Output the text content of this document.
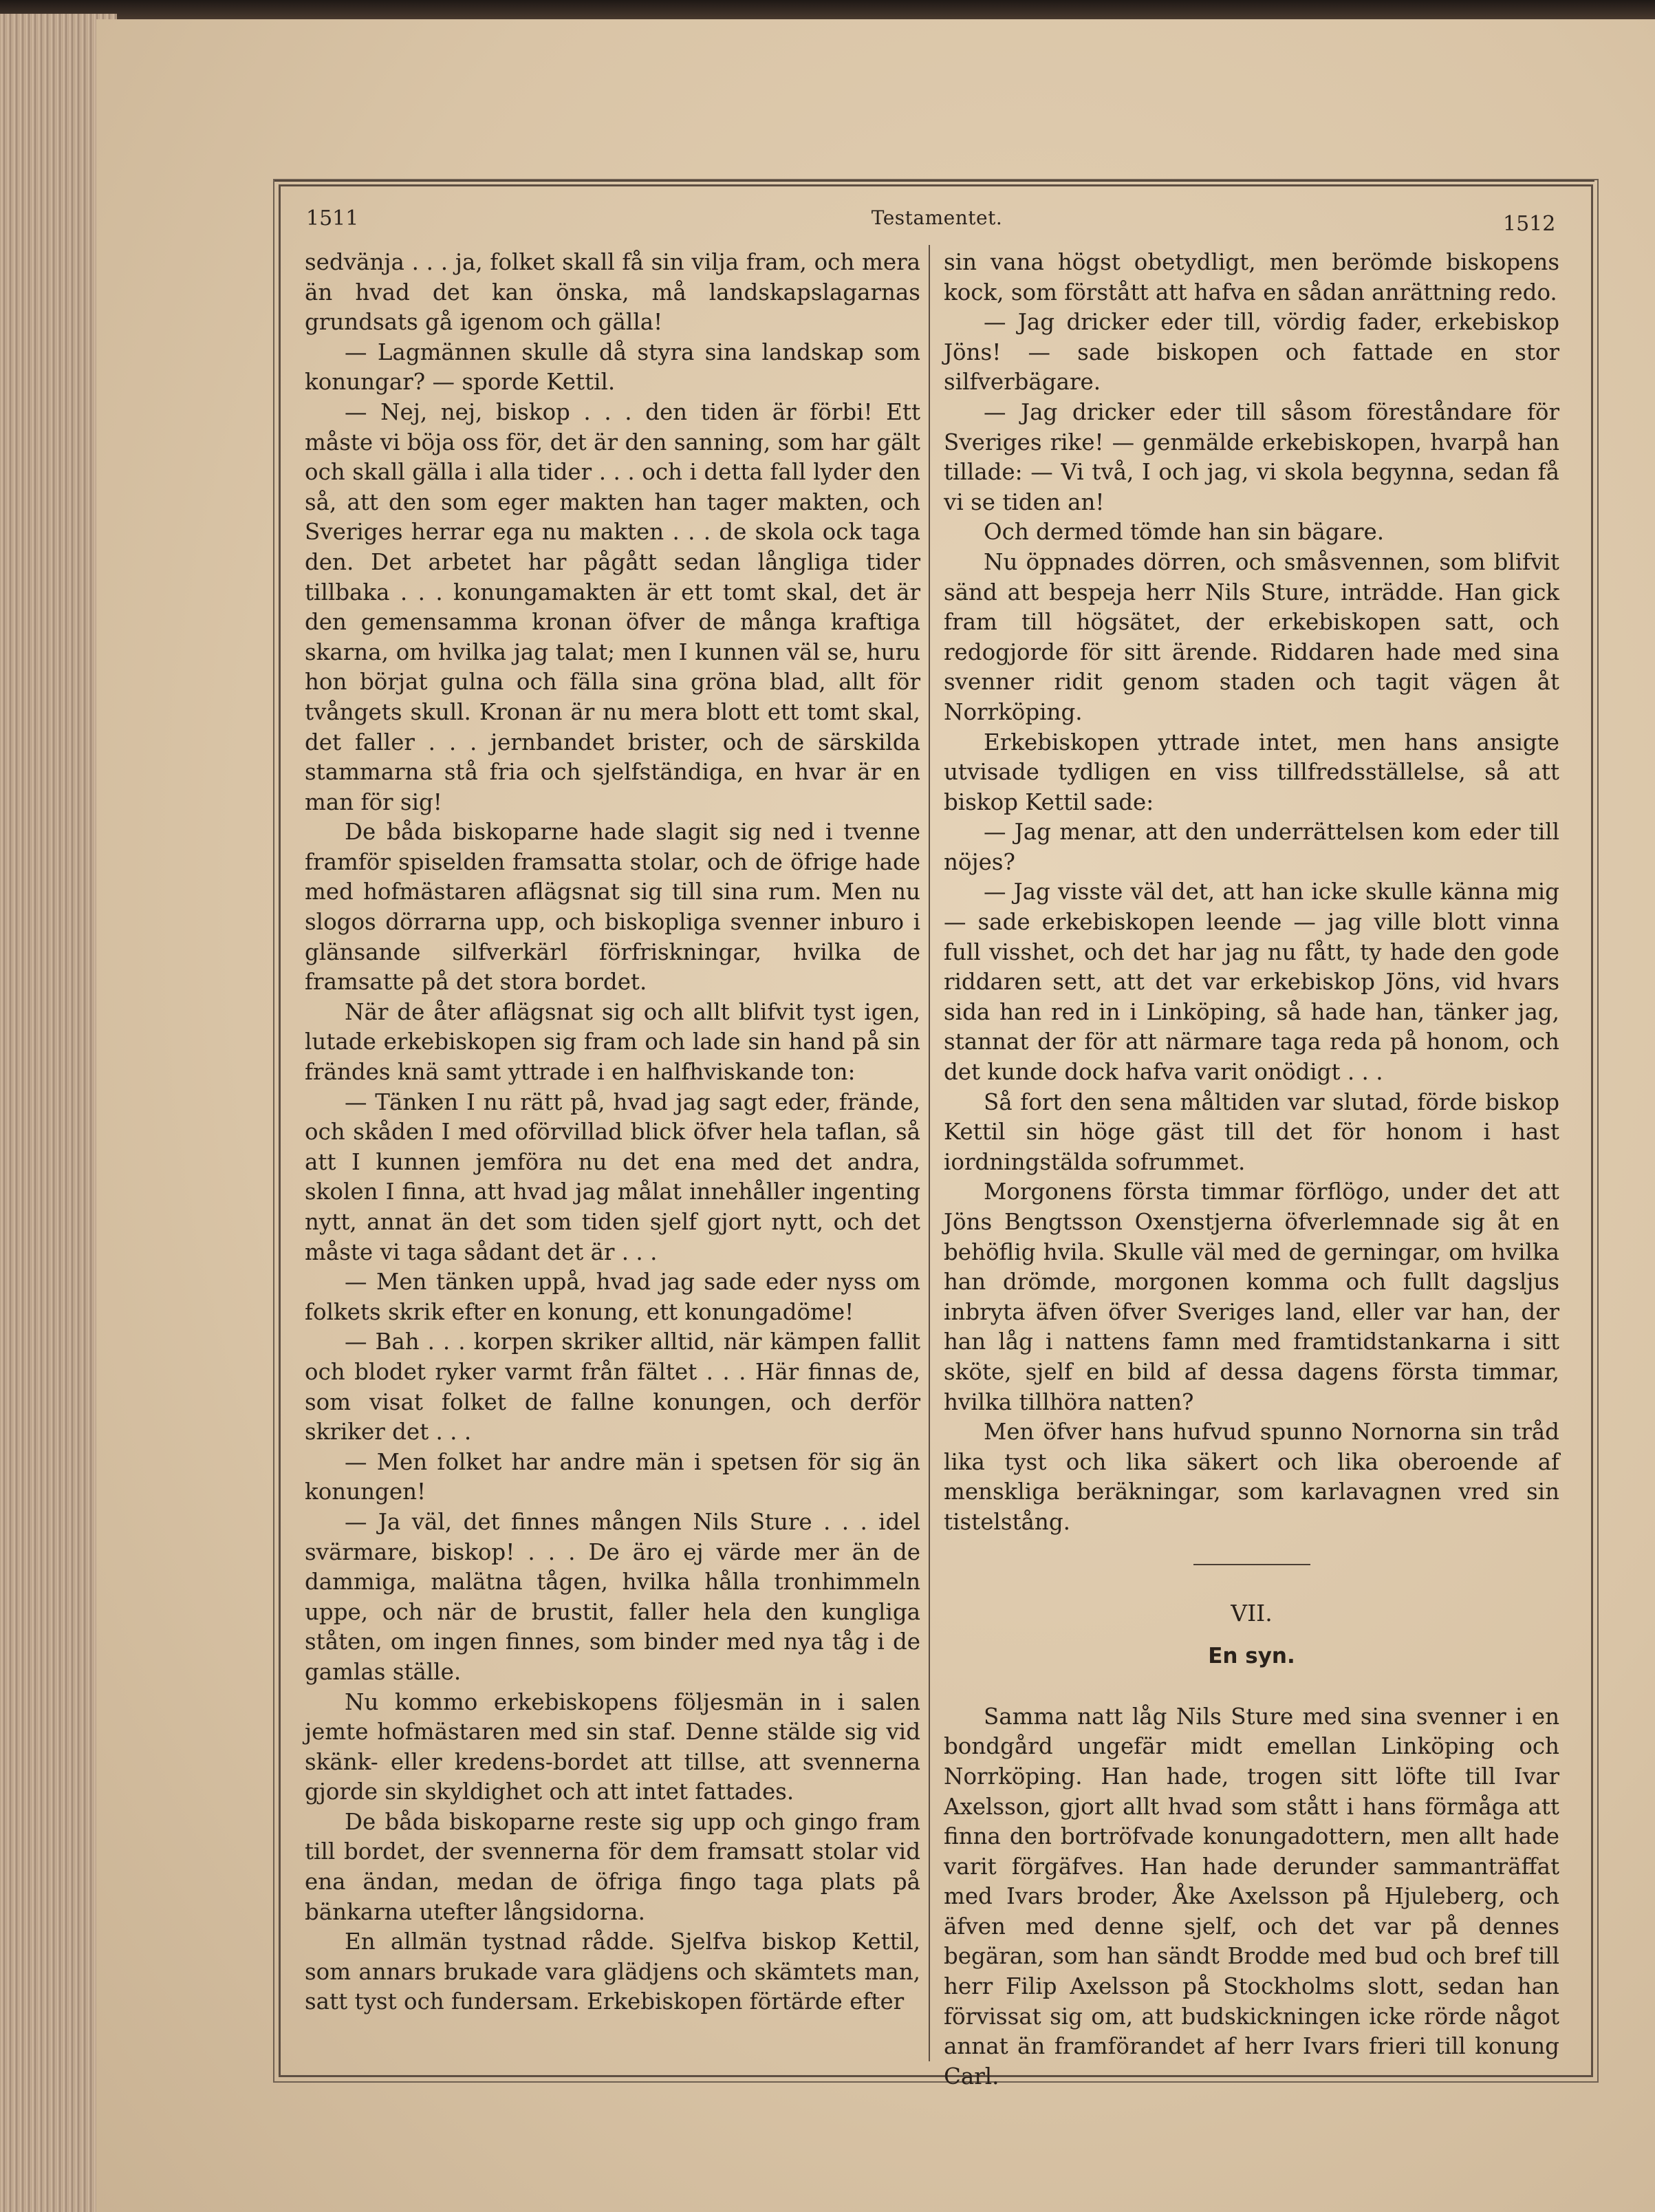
1511	Testamentet.	1512

sedvänja . . . ja, folket skall få sin vilja fram, och mera än hvad det kan önska, må landskapslagarnas grundsats gå igenom och gälla!

— Lagmännen skulle då styra sina landskap som konungar? — sporde Kettil.

— Nej, nej, biskop . . . den tiden är förbi! Ett måste vi böja oss för, det är den sanning, som har gält och skall gälla i alla tider . . . och i detta fall lyder den så, att den som eger makten han tager makten, och Sveriges herrar ega nu makten . . . de skola ock taga den. Det arbetet har pågått sedan långliga tider tillbaka . . . konungamakten är ett tomt skal, det är den gemensamma kronan öfver de många kraftiga skarna, om hvilka jag talat; men I kunnen väl se, huru hon börjat gulna och fälla sina gröna blad, allt för tvångets skull. Kronan är nu mera blott ett tomt skal, det faller . . . jernbandet brister, och de särskilda stammarna stå fria och sjelfständiga, en hvar är en man för sig!

De båda biskoparne hade slagit sig ned i tvenne framför spiselden framsatta stolar, och de öfrige hade med hofmästaren aflägsnat sig till sina rum. Men nu slogos dörrarna upp, och biskopliga svenner inburo i glänsande silfverkärl förfriskningar, hvilka de framsatte på det stora bordet.

När de åter aflägsnat sig och allt blifvit tyst igen, lutade erkebiskopen sig fram och lade sin hand på sin frändes knä samt yttrade i en halfhviskande ton:

— Tänken I nu rätt på, hvad jag sagt eder, frände, och skåden I med oförvillad blick öfver hela taflan, så att I kunnen jemföra nu det ena med det andra, skolen I finna, att hvad jag målat innehåller ingenting nytt, annat än det som tiden sjelf gjort nytt, och det måste vi taga sådant det är . . .

— Men tänken uppå, hvad jag sade eder nyss om folkets skrik efter en konung, ett konungadöme!

— Bah . . . korpen skriker alltid, när kämpen fallit och blodet ryker varmt från fältet . . . Här finnas de, som visat folket de fallne konungen, och derför skriker det . . .

— Men folket har andre män i spetsen för sig än konungen!

— Ja väl, det finnes mången Nils Sture . . . idel svärmare, biskop! . . . De äro ej värde mer än de dammiga, malätna tågen, hvilka hålla tronhimmeln uppe, och när de brustit, faller hela den kungliga ståten, om ingen finnes, som binder med nya tåg i de gamlas ställe.

Nu kommo erkebiskopens följesmän in i salen jemte hofmästaren med sin staf. Denne stälde sig vid skänk- eller kredens-bordet att tillse, att svennerna gjorde sin skyldighet och att intet fattades.

De båda biskoparne reste sig upp och gingo fram till bordet, der svennerna för dem framsatt stolar vid ena ändan, medan de öfriga fingo taga plats på bänkarna utefter långsidorna.

En allmän tystnad rådde. Sjelfva biskop Kettil, som annars brukade vara glädjens och skämtets man, satt tyst och fundersam. Erkebiskopen förtärde efter

sin vana högst obetydligt, men berömde biskopens kock, som förstått att hafva en sådan anrättning redo.

— Jag dricker eder till, vördig fader, erkebiskop Jöns! — sade biskopen och fattade en stor silfverbägare.

— Jag dricker eder till såsom föreståndare för Sveriges rike! — genmälde erkebiskopen, hvarpå han tillade: — Vi två, I och jag, vi skola begynna, sedan få vi se tiden an!

Och dermed tömde han sin bägare.

Nu öppnades dörren, och småsvennen, som blifvit sänd att bespeja herr Nils Sture, inträdde. Han gick fram till högsätet, der erkebiskopen satt, och redogjorde för sitt ärende. Riddaren hade med sina svenner ridit genom staden och tagit vägen åt Norrköping.

Erkebiskopen yttrade intet, men hans ansigte utvisade tydligen en viss tillfredsställelse, så att biskop Kettil sade:

— Jag menar, att den underrättelsen kom eder till nöjes?

— Jag visste väl det, att han icke skulle känna mig — sade erkebiskopen leende — jag ville blott vinna full visshet, och det har jag nu fått, ty hade den gode riddaren sett, att det var erkebiskop Jöns, vid hvars sida han red in i Linköping, så hade han, tänker jag, stannat der för att närmare taga reda på honom, och det kunde dock hafva varit onödigt . . .

Så fort den sena måltiden var slutad, förde biskop Kettil sin höge gäst till det för honom i hast iordningstälda sofrummet.

Morgonens första timmar förflögo, under det att Jöns Bengtsson Oxenstjerna öfverlemnade sig åt en behöflig hvila. Skulle väl med de gerningar, om hvilka han drömde, morgonen komma och fullt dagsljus inbryta äfven öfver Sveriges land, eller var han, der han låg i nattens famn med framtidstankarna i sitt sköte, sjelf en bild af dessa dagens första timmar, hvilka tillhöra natten?

Men öfver hans hufvud spunno Nornorna sin tråd lika tyst och lika säkert och lika oberoende af menskliga beräkningar, som karlavagnen vred sin tistelstång.

VII.
En syn.

Samma natt låg Nils Sture med sina svenner i en bondgård ungefär midt emellan Linköping och Norrköping. Han hade, trogen sitt löfte till Ivar Axelsson, gjort allt hvad som stått i hans förmåga att finna den bortröfvade konungadottern, men allt hade varit förgäfves. Han hade derunder sammanträffat med Ivars broder, Åke Axelsson på Hjuleberg, och äfven med denne sjelf, och det var på dennes begäran, som han sändt Brodde med bud och bref till herr Filip Axelsson på Stockholms slott, sedan han förvissat sig om, att budskickningen icke rörde något annat än framförandet af herr Ivars frieri till konung Carl.
